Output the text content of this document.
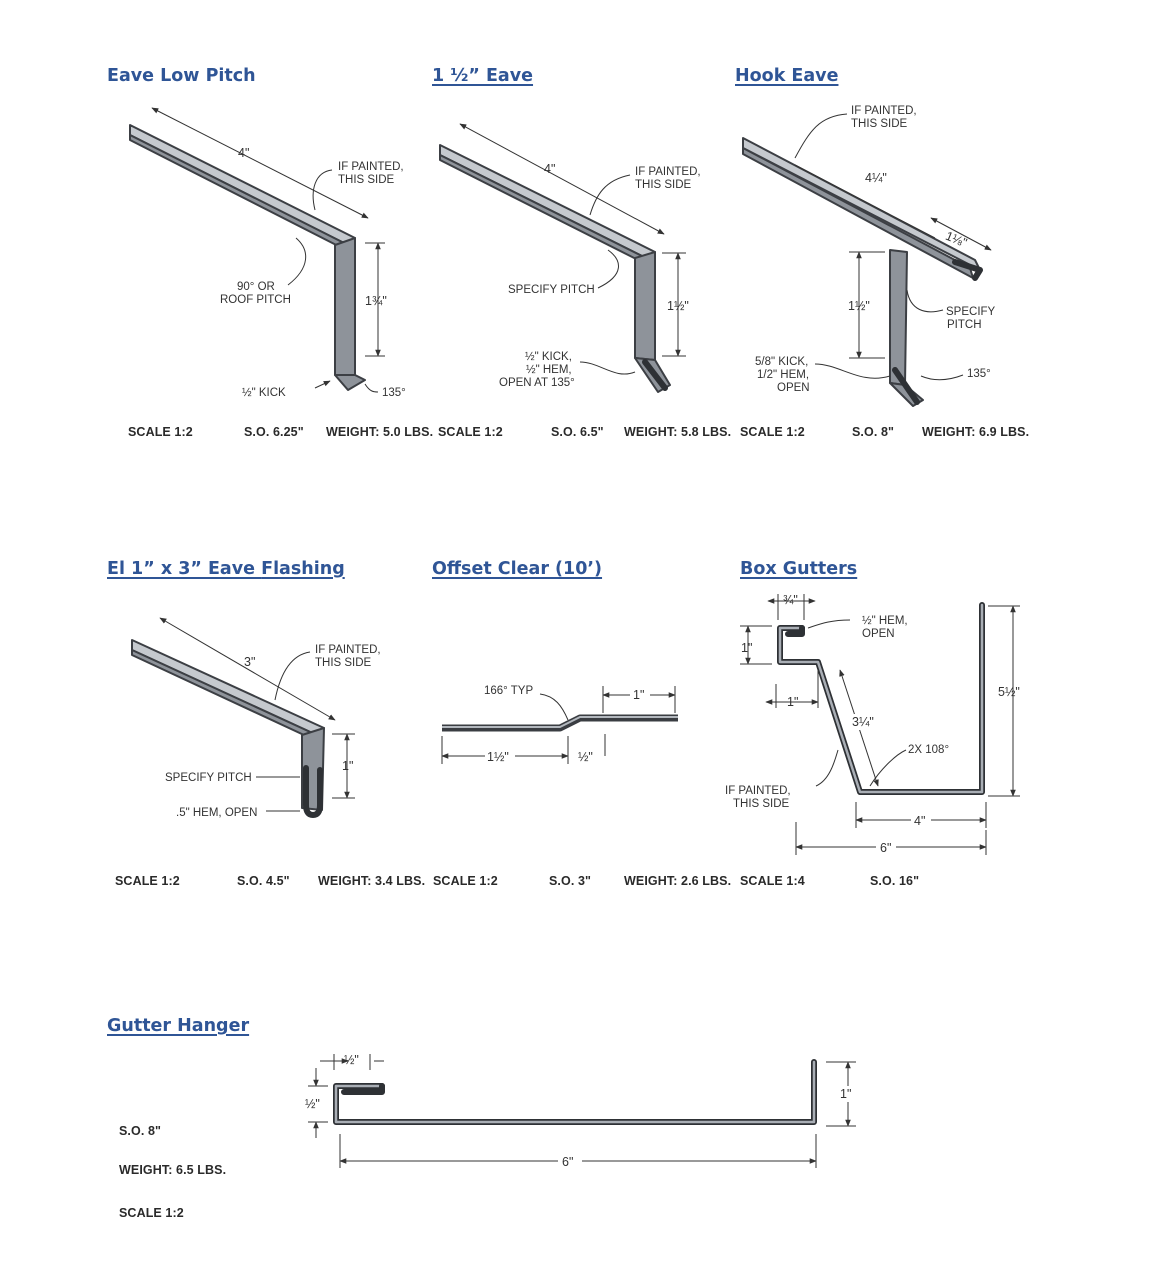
Eave Low Pitch	1 ½” Eave	Hook Eave
El 1” x 3” Eave Flashing	Offset Clear (10’)	Box Gutters
Gutter Hanger
4"
IF PAINTED,
THIS SIDE
90° OR
ROOF PITCH	1¾"
½" KICK	135°
SCALE 1:2	S.O. 6.25" WEIGHT: 5.0 LBS.
4"	IF PAINTED,
THIS SIDE
SPECIFY PITCH
1½"
½" KICK,
½" HEM,
OPEN AT 135°
SCALE 1:2	S.O. 6.5" WEIGHT: 5.8 LBS.
IF PAINTED,
THIS SIDE
4¼"
1⅛"
1½"	SPECIFY
PITCH
5/8" KICK,
1/2" HEM,
OPEN
135°
SCALE 1:2	S.O. 8" WEIGHT: 6.9 LBS.
3"
IF PAINTED,
THIS SIDE
1"
SPECIFY PITCH
.5" HEM, OPEN
SCALE 1:2	S.O. 4.5" WEIGHT: 3.4 LBS.
166° TYP	1"
1½"	½"
SCALE 1:2	S.O. 3"	WEIGHT: 2.6 LBS.
¾"
½" HEM,
OPEN
1"
1"
3¼"
2X 108°
5½"
IF PAINTED,
THIS SIDE
4"
6"
SCALE 1:4	S.O. 16"
S.O. 8"
WEIGHT: 6.5 LBS.
SCALE 1:2
½"
½"
1"
6"
